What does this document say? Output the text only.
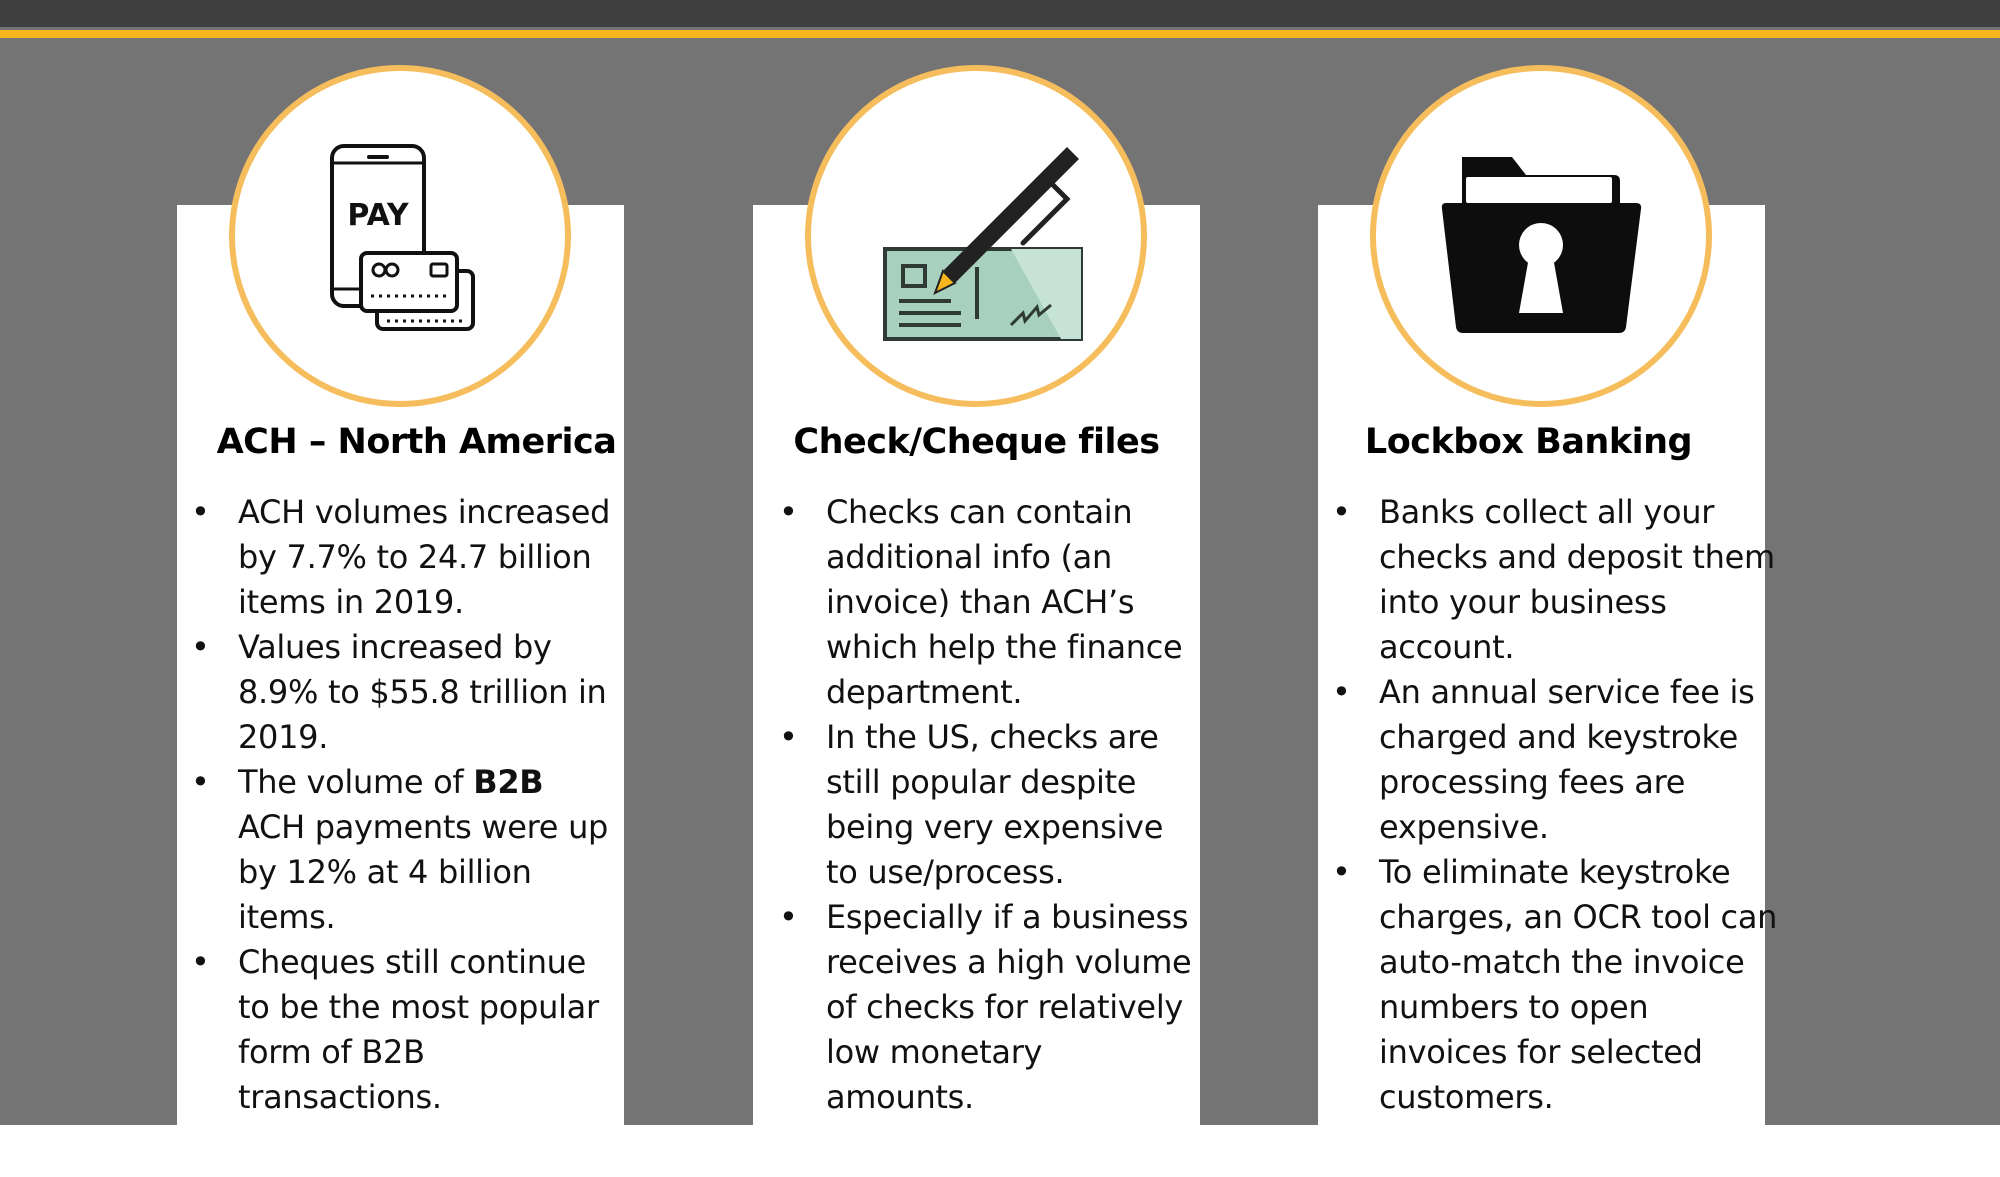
PAY
ACH – North America
• ACH volumes increased by 7.7% to 24.7 billion items in 2019.
• Values increased by 8.9% to $55.8 trillion in 2019.
• The volume of B2B ACH payments were up by 12% at 4 billion items.
• Cheques still continue to be the most popular form of B2B transactions.
Check/Cheque files
• Checks can contain additional info (an invoice) than ACH’s which help the finance department.
• In the US, checks are still popular despite being very expensive to use/process.
• Especially if a business receives a high volume of checks for relatively low monetary amounts.
Lockbox Banking
• Banks collect all your checks and deposit them into your business account.
• An annual service fee is charged and keystroke processing fees are expensive.
• To eliminate keystroke charges, an OCR tool can auto-match the invoice numbers to open invoices for selected customers.
